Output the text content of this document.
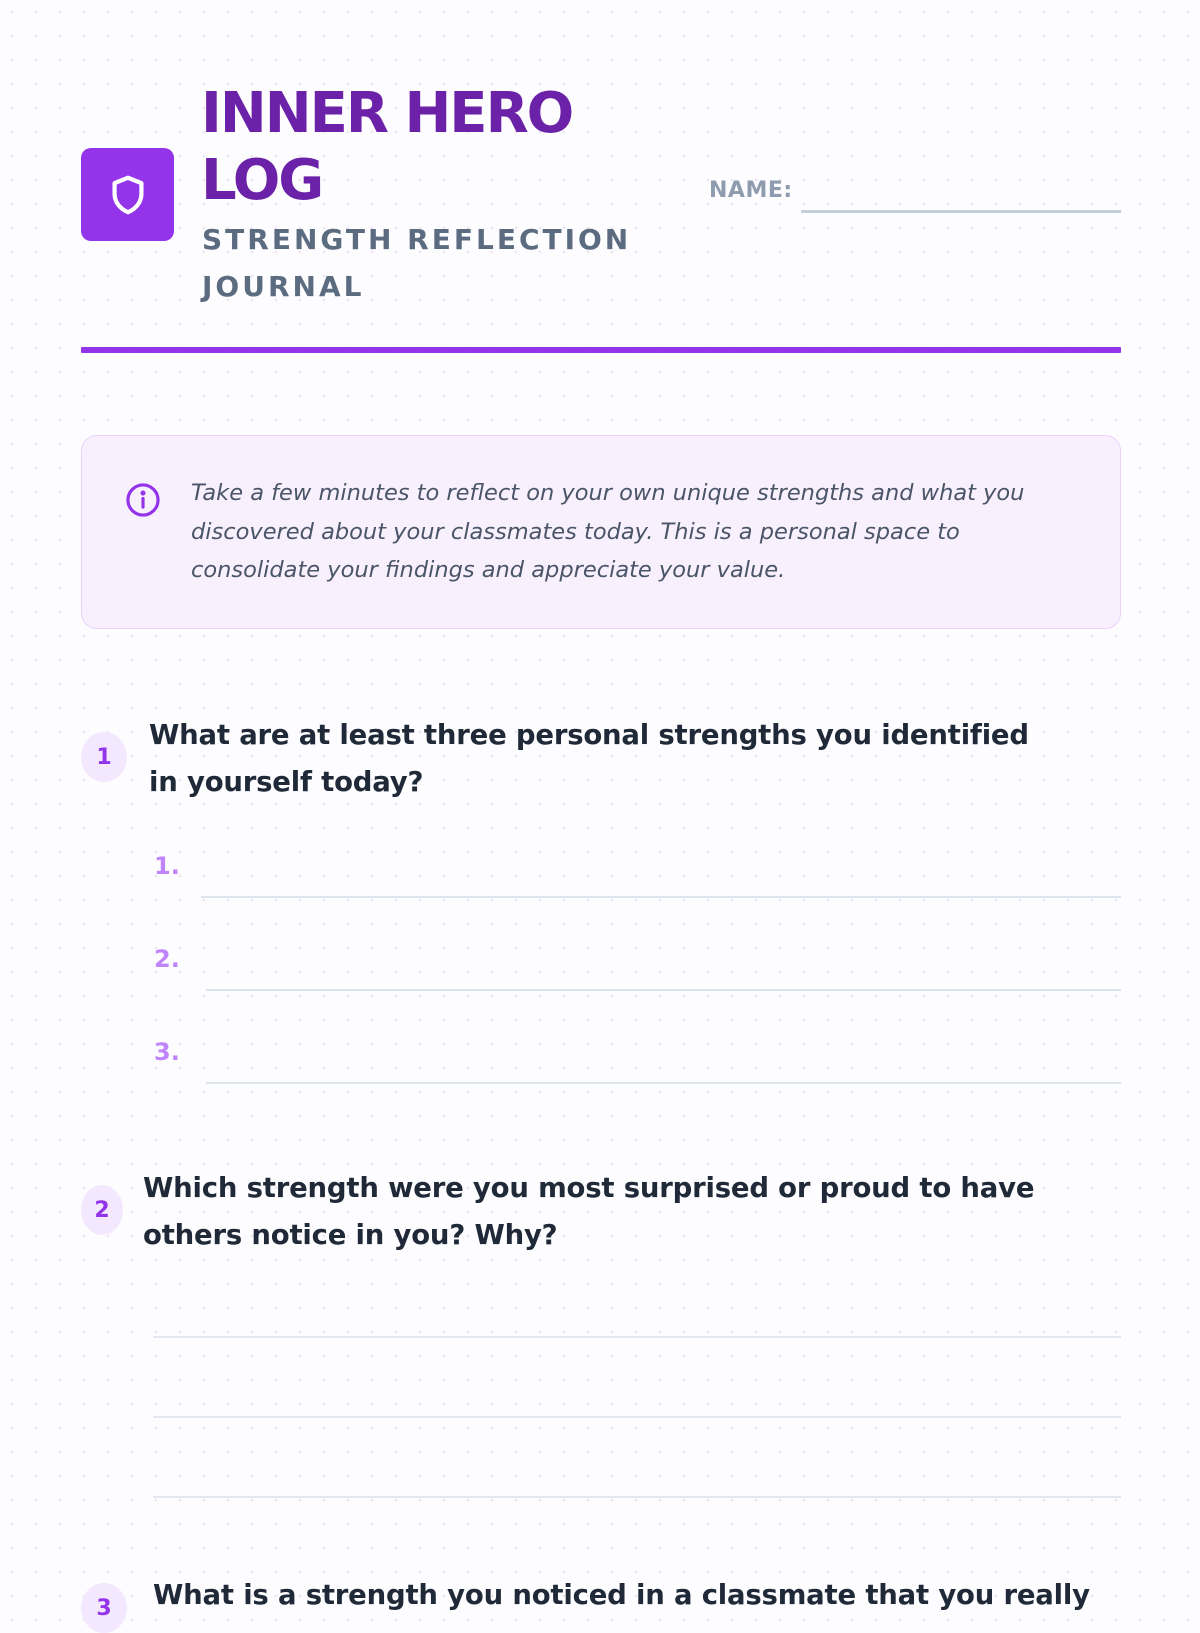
INNER HERO LOG
STRENGTH REFLECTION JOURNAL
NAME:

Take a few minutes to reflect on your own unique strengths and what you discovered about your classmates today. This is a personal space to consolidate your findings and appreciate your value.

1

What are at least three personal strengths you identified in yourself today?

1.
2.
3.
2

Which strength were you most surprised or proud to have others notice in you? Why?

3	What is a strength you noticed in a classmate that you really
